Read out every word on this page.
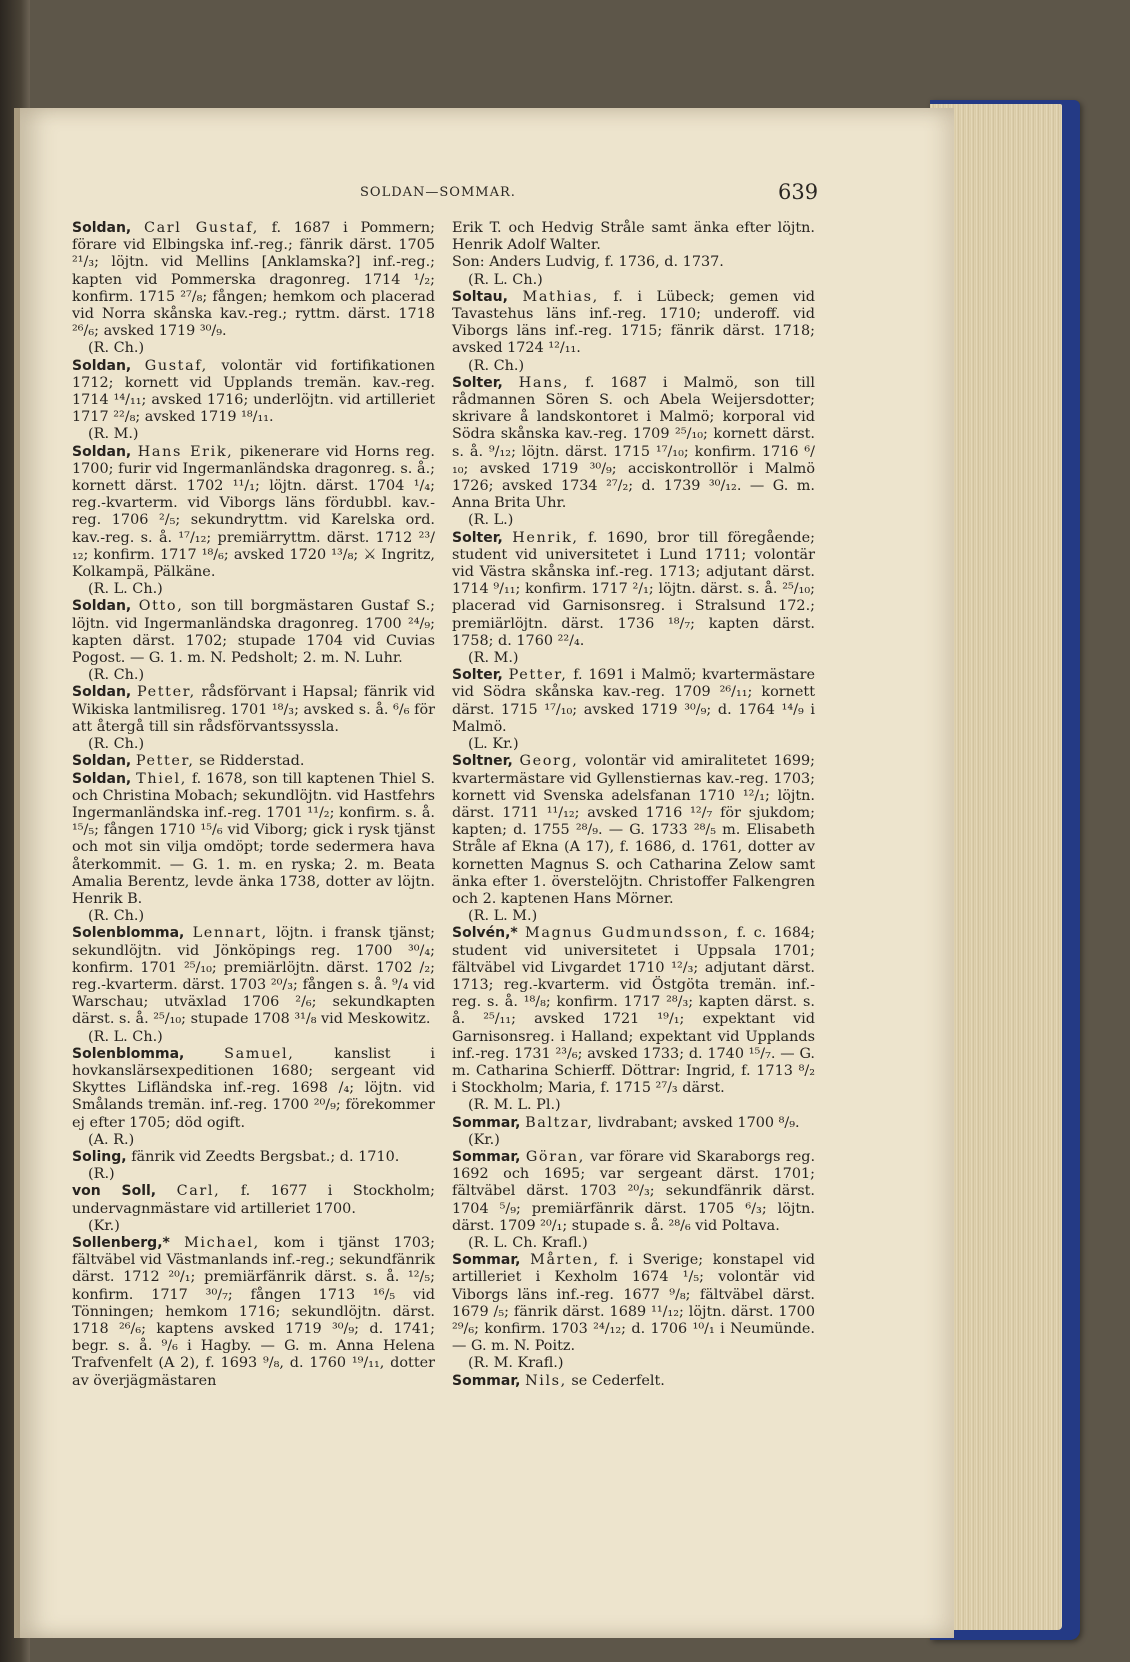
SOLDAN—SOMMAR.	639

Soldan, Carl Gustaf, f. 1687 i Pommern; förare vid Elbingska inf.-reg.; fänrik därst. 1705 ²¹/₃; löjtn. vid Mellins [Anklamska?] inf.-reg.; kapten vid Pommerska dragonreg. 1714 ¹/₂; konfirm. 1715 ²⁷/₈; fången; hemkom och placerad vid Norra skånska kav.-reg.; ryttm. därst. 1718 ²⁶/₆; avsked 1719 ³⁰/₉.

(R. Ch.)

Soldan, Gustaf, volontär vid fortifikationen 1712; kornett vid Upplands tremän. kav.-reg. 1714 ¹⁴/₁₁; avsked 1716; underlöjtn. vid artilleriet 1717 ²²/₈; avsked 1719 ¹⁸/₁₁.

(R. M.)

Soldan, Hans Erik, pikenerare vid Horns reg. 1700; furir vid Ingermanländska dragonreg. s. å.; kornett därst. 1702 ¹¹/₁; löjtn. därst. 1704 ¹/₄; reg.-kvarterm. vid Viborgs läns fördubbl. kav.-reg. 1706 ²/₅; sekundryttm. vid Karelska ord. kav.-reg. s. å. ¹⁷/₁₂; premiärryttm. därst. 1712 ²³/₁₂; konfirm. 1717 ¹⁸/₆; avsked 1720 ¹³/₈; ⚔ Ingritz, Kolkampä, Pälkäne.

(R. L. Ch.)

Soldan, Otto, son till borgmästaren Gustaf S.; löjtn. vid Ingermanländska dragonreg. 1700 ²⁴/₉; kapten därst. 1702; stupade 1704 vid Cuvias Pogost. — G. 1. m. N. Pedsholt; 2. m. N. Luhr.

(R. Ch.)

Soldan, Petter, rådsförvant i Hapsal; fänrik vid Wikiska lantmilisreg. 1701 ¹⁸/₃; avsked s. å. ⁶/₆ för att återgå till sin rådsförvantssyssla.

(R. Ch.)

Soldan, Petter, se Ridderstad.

Soldan, Thiel, f. 1678, son till kaptenen Thiel S. och Christina Mobach; sekundlöjtn. vid Hastfehrs Ingermanländska inf.-reg. 1701 ¹¹/₂; konfirm. s. å. ¹⁵/₅; fången 1710 ¹⁵/₆ vid Viborg; gick i rysk tjänst och mot sin vilja omdöpt; torde sedermera hava återkommit. — G. 1. m. en ryska; 2. m. Beata Amalia Berentz, levde änka 1738, dotter av löjtn. Henrik B.

(R. Ch.)

Solenblomma, Lennart, löjtn. i fransk tjänst; sekundlöjtn. vid Jönköpings reg. 1700 ³⁰/₄; konfirm. 1701 ²⁵/₁₀; premiärlöjtn. därst. 1702 /₂; reg.-kvarterm. därst. 1703 ²⁰/₃; fången s. å. ⁹/₄ vid Warschau; utväxlad 1706 ²/₆; sekundkapten därst. s. å. ²⁵/₁₀; stupade 1708 ³¹/₈ vid Meskowitz.

(R. L. Ch.)

Solenblomma,	Samuel,	kanslist i hovkanslärsexpeditionen 1680; sergeant vid Skyttes Lifländska inf.-reg. 1698 /₄; löjtn. vid Smålands tremän. inf.-reg. 1700 ²⁰/₉; förekommer ej efter 1705; död ogift.

(A. R.)

Soling, fänrik vid Zeedts Bergsbat.; d. 1710.

(R.)

von Soll, Carl, f. 1677 i Stockholm; undervagnmästare vid artilleriet 1700.

(Kr.)

Sollenberg,* Michael, kom i tjänst 1703; fältväbel vid Västmanlands inf.-reg.; sekundfänrik därst. 1712 ²⁰/₁; premiärfänrik därst. s. å. ¹²/₅; konfirm. 1717 ³⁰/₇; fången 1713 ¹⁶/₅ vid Tönningen; hemkom 1716; sekundlöjtn. därst. 1718 ²⁶/₆; kaptens avsked 1719 ³⁰/₉; d. 1741; begr. s. å. ⁹/₆ i Hagby. — G. m. Anna Helena Trafvenfelt (A 2), f. 1693 ⁹/₈, d. 1760 ¹⁹/₁₁, dotter av överjägmästaren

Erik T. och Hedvig Stråle samt änka efter löjtn. Henrik Adolf Walter.

Son: Anders Ludvig, f. 1736, d. 1737.

(R. L. Ch.)

Soltau, Mathias, f. i Lübeck; gemen vid Tavastehus läns inf.-reg. 1710; underoff. vid Viborgs läns inf.-reg. 1715; fänrik därst. 1718; avsked 1724 ¹²/₁₁.

(R. Ch.)

Solter, Hans, f. 1687 i Malmö, son till rådmannen Sören S. och Abela Weijersdotter; skrivare å landskontoret i Malmö; korporal vid Södra skånska kav.-reg. 1709 ²⁵/₁₀; kornett därst. s. å. ⁹/₁₂; löjtn. därst. 1715 ¹⁷/₁₀; konfirm. 1716 ⁶/₁₀; avsked 1719 ³⁰/₉; acciskontrollör i Malmö 1726; avsked 1734 ²⁷/₂; d. 1739 ³⁰/₁₂. — G. m. Anna Brita Uhr.

(R. L.)

Solter, Henrik, f. 1690, bror till föregående; student vid universitetet i Lund 1711; volontär vid Västra skånska inf.-reg. 1713; adjutant därst. 1714 ⁹/₁₁; konfirm. 1717 ²/₁; löjtn. därst. s. å. ²⁵/₁₀; placerad vid Garnisonsreg. i Stralsund 172.; premiärlöjtn. därst. 1736 ¹⁸/₇; kapten därst. 1758; d. 1760 ²²/₄.

(R. M.)

Solter, Petter, f. 1691 i Malmö; kvartermästare vid Södra skånska kav.-reg. 1709 ²⁶/₁₁; kornett därst. 1715 ¹⁷/₁₀; avsked 1719 ³⁰/₉; d. 1764 ¹⁴/₉ i Malmö.

(L. Kr.)

Soltner, Georg, volontär vid amiralitetet 1699; kvartermästare vid Gyllenstiernas kav.-reg. 1703; kornett vid Svenska adelsfanan 1710 ¹²/₁; löjtn. därst. 1711 ¹¹/₁₂; avsked 1716 ¹²/₇ för sjukdom; kapten; d. 1755 ²⁸/₉. — G. 1733 ²⁸/₅ m. Elisabeth Stråle af Ekna (A 17), f. 1686, d. 1761, dotter av kornetten Magnus S. och Catharina Zelow samt änka efter 1. överstelöjtn. Christoffer Falkengren och 2. kaptenen Hans Mörner.

(R. L. M.)

Solvén,* Magnus Gudmundsson, f. c. 1684; student vid universitetet i Uppsala 1701; fältväbel vid Livgardet 1710 ¹²/₃; adjutant därst. 1713; reg.-kvarterm. vid Östgöta tremän. inf.-reg. s. å. ¹⁸/₈; konfirm. 1717 ²⁸/₃; kapten därst. s. å. ²⁵/₁₁; avsked 1721 ¹⁹/₁; expektant vid Garnisonsreg. i Halland; expektant vid Upplands inf.-reg. 1731 ²³/₆; avsked 1733; d. 1740 ¹⁵/₇. — G. m. Catharina Schierff. Döttrar: Ingrid, f. 1713 ⁸/₂ i Stockholm; Maria, f. 1715 ²⁷/₃ därst.

(R. M. L. Pl.)

Sommar, Baltzar, livdrabant; avsked 1700 ⁸/₉.

(Kr.)

Sommar, Göran, var förare vid Skaraborgs reg. 1692 och 1695; var sergeant därst. 1701; fältväbel därst. 1703 ²⁰/₃; sekundfänrik därst. 1704 ⁵/₉; premiärfänrik därst. 1705 ⁶/₃; löjtn. därst. 1709 ²⁰/₁; stupade s. å. ²⁸/₆ vid Poltava.

(R. L. Ch. Krafl.)

Sommar, Mårten, f. i Sverige; konstapel vid artilleriet i Kexholm 1674 ¹/₅; volontär vid Viborgs läns inf.-reg. 1677 ⁹/₈; fältväbel därst. 1679 /₅; fänrik därst. 1689 ¹¹/₁₂; löjtn. därst. 1700 ²⁹/₆; konfirm. 1703 ²⁴/₁₂; d. 1706 ¹⁰/₁ i Neumünde. — G. m. N. Poitz.

(R. M. Krafl.)

Sommar, Nils, se Cederfelt.
